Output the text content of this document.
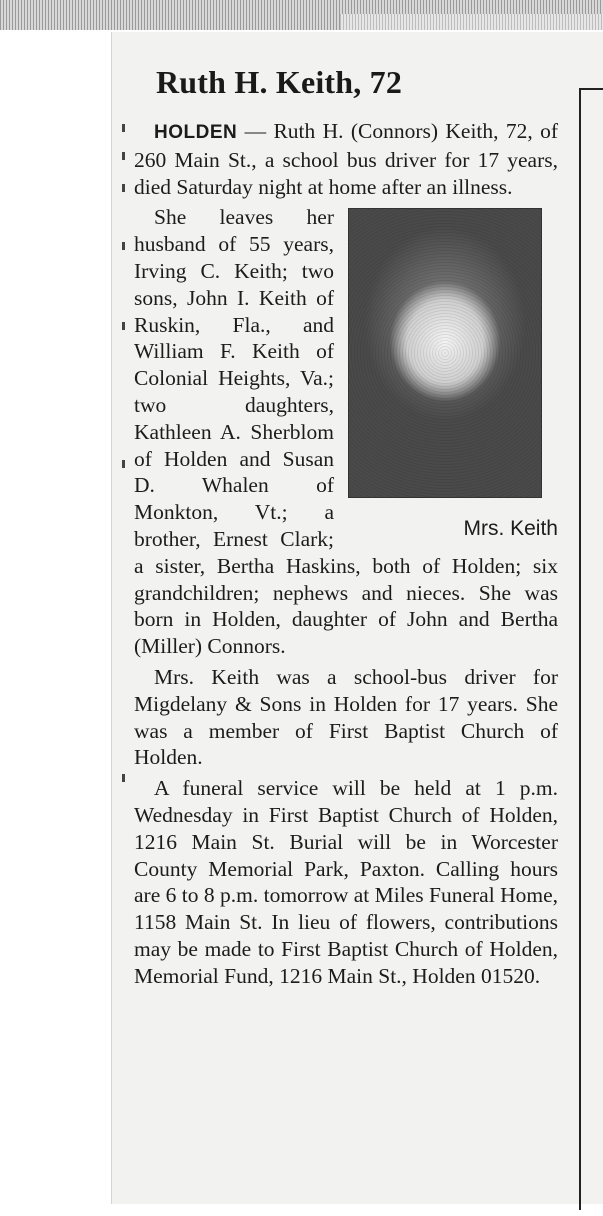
Ruth H. Keith, 72

HOLDEN — Ruth H. (Connors) Keith, 72, of 260 Main St., a school bus driver for 17 years, died Saturday night at home after an illness.

Mrs. Keith
She leaves her husband of 55 years, Irving C. Keith; two sons, John I. Keith of Ruskin, Fla., and William F. Keith of Colonial Heights, Va.; two daughters, Kathleen A. Sherblom of Holden and Susan D. Whalen of Monkton, Vt.; a brother, Ernest Clark; a sister, Bertha Haskins, both of Holden; six grandchildren; nephews and nieces. She was born in Holden, daughter of John and Bertha (Miller) Connors.

Mrs. Keith was a school-bus driver for Migdelany & Sons in Holden for 17 years. She was a member of First Baptist Church of Holden.

A funeral service will be held at 1 p.m. Wednesday in First Baptist Church of Holden, 1216 Main St. Burial will be in Worcester County Memorial Park, Paxton. Calling hours are 6 to 8 p.m. tomorrow at Miles Funeral Home, 1158 Main St. In lieu of flowers, contributions may be made to First Baptist Church of Holden, Memorial Fund, 1216 Main St., Holden 01520.
